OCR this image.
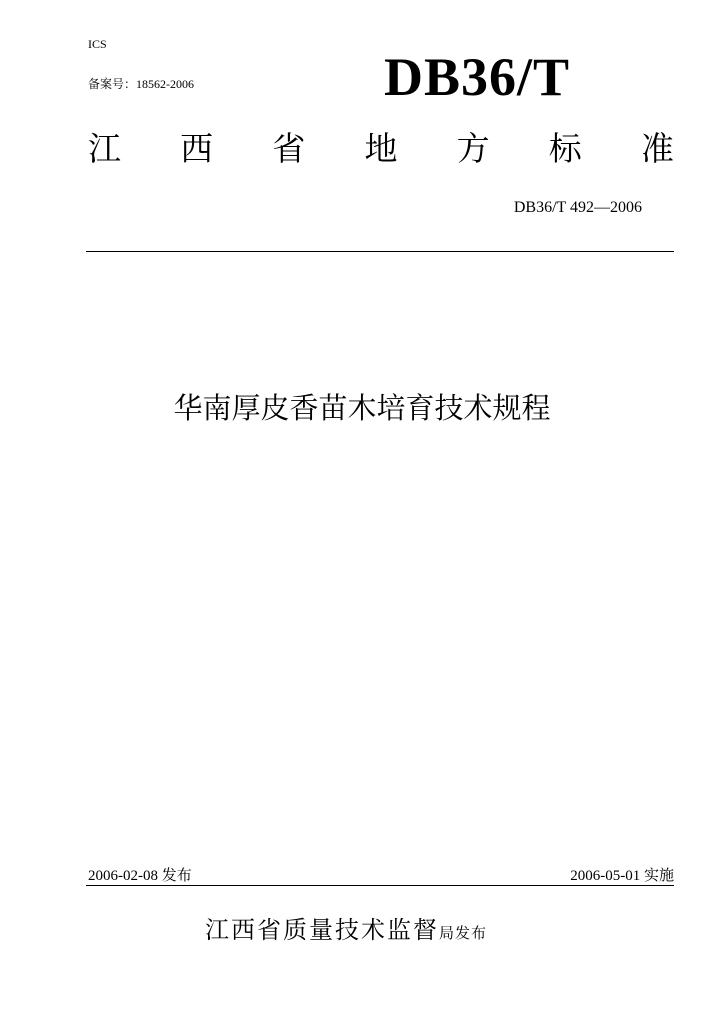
ICS
备案号：18562-2006	DB36/T
江 西 省 地 方 标 准
DB36/T 492—2006
华南厚皮香苗木培育技术规程
2006-02-08 发布	2006-05-01 实施
江西省质量技术监督局发布
